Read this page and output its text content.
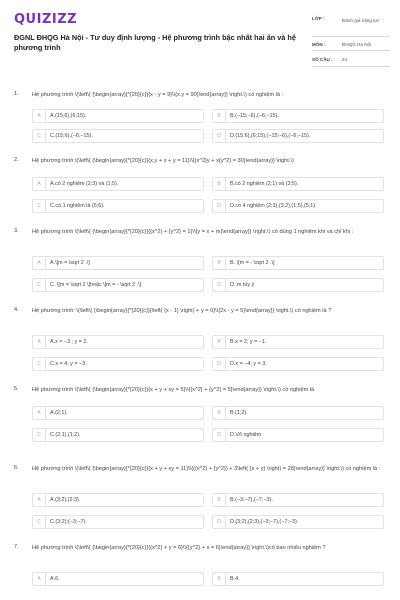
QUIZIZZ
ĐGNL ĐHQG Hà Nội - Tư duy định lượng - Hệ phương trình bậc nhất hai ẩn và hệ phương trình
LỚP :	Đánh giá năng lực
MÔN :	ĐHQG Hà Nội
SỐ CÂU : 24
1. Hệ phương trình \(\left\{ {\begin{array}{*{20}{c}}{x - y = 9}\\{x.y = 90}\end{array}} \right.\) có nghiệm là :
A	A.(15;6),(6;15).	B	B.(−15;−6),(−6;−15).
C	C.(15;6),(−6;−15).	D	D.(15;6),(6;15),(−15;−6),(−6;−15).
2. Hệ phương trình \(\left\{ {\begin{array}{*{20}{c}}{x.y + x + y = 11}\\{{x^2}y + x{y^2} = 30}\end{array}} \right.\)
A	A.có 2 nghiệm (2;3) và (1;5).	B	B.có 2 nghiệm (2;1) và (3;5).
C	C.có 1 nghiệm là (5;6).	D	D.có 4 nghiệm (2;3),(3;2),(1;5),(5;1).
3. Hệ phương trình \(\left\{ {\begin{array}{*{20}{c}}{{x^2} + {y^2} = 1}\\{y = x + m}\end{array}} \right.\) có đúng 1 nghiệm khi và chỉ khi :
A	A.\[m = \sqrt 2 .\]	B	B. \[m = - \sqrt 2 .\]
C	C. \[m = \sqrt 2 \]hoặc \[m = - \sqrt 2 .\]	D	D. m tùy ý
4. Hệ phương trình: \(\left\{ {\begin{array}{*{20}{c}}{\left( {x - 1} \right) + y = 0}\\{2x - y = 5}\end{array}} \right.\) có nghiệm là ?
A	A.x = −3 ; y = 2.	B	B.x = 2; y = −1.
C	C.x = 4; y = −3.	D	D.x = −4; y = 3.
5. Hệ phương trình \(\left\{ {\begin{array}{*{20}{c}}{x + y + xy = 5}\\{{x^2} + {y^2} = 5}\end{array}} \right.\) có nghiệm là
A	A.(2;1).	B	B.(1;2).
C	C.(2;1),(1;2).	D	D.Vô nghiệm
6. Hệ phương trình \(\left\{ {\begin{array}{*{20}{c}}{x + y + xy = 11}\\{({x^2} + {y^2}) + 3\left( {x + y} \right) = 28}\end{array}} \right.\) có nghiệm là :
A	A.(3;2),(2;3).	B	B.(−3;−7),(−7;−3).
C	C.(3;2);(−3;−7).	D	D.(3;2),(2;3),(−3;−7),(−7;−3).
7. Hệ phương trình \(\left\{ {\begin{array}{*{20}{c}}{{x^2} + y = 6}\\{{y^2} + x = 6}\end{array}} \right.\)có bao nhiêu nghiệm ?
A	A.6.	B	B.4.
